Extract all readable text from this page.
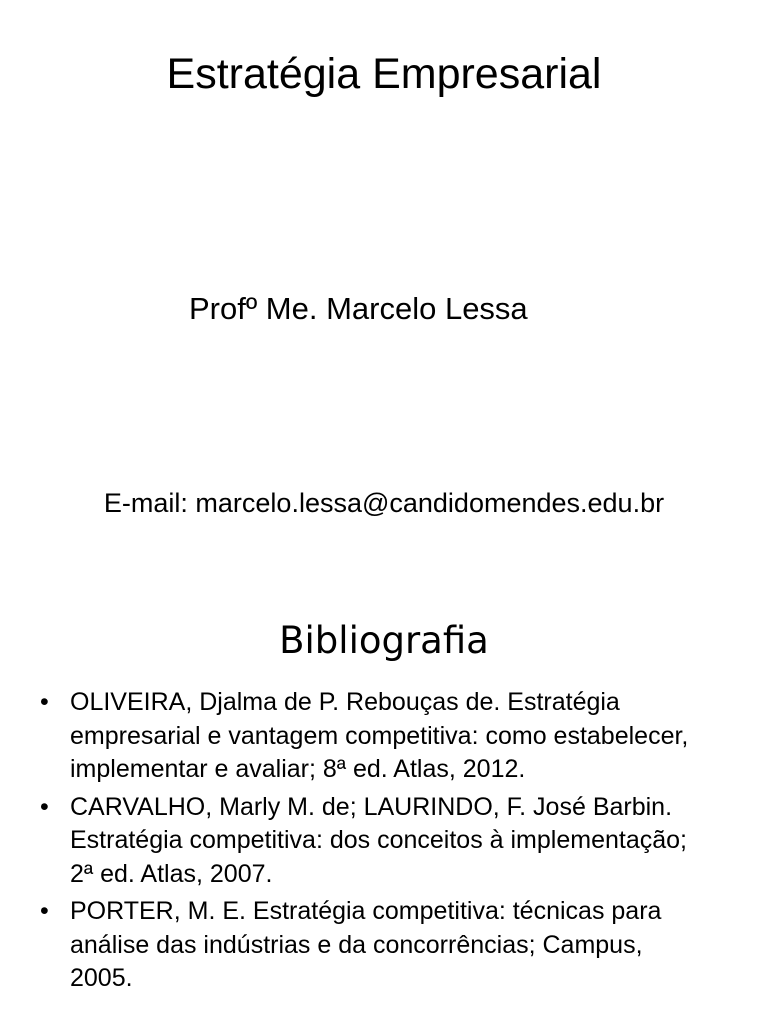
Estratégia Empresarial
Profº Me. Marcelo Lessa
E-mail: marcelo.lessa@candidomendes.edu.br
Bibliografia
• OLIVEIRA, Djalma de P. Rebouças de. Estratégia empresarial e vantagem competitiva: como estabelecer, implementar e avaliar; 8ª ed. Atlas, 2012.
• CARVALHO, Marly M. de; LAURINDO, F. José Barbin. Estratégia competitiva: dos conceitos à implementação; 2ª ed. Atlas, 2007.
• PORTER, M. E. Estratégia competitiva: técnicas para análise das indústrias e da concorrências; Campus, 2005.
